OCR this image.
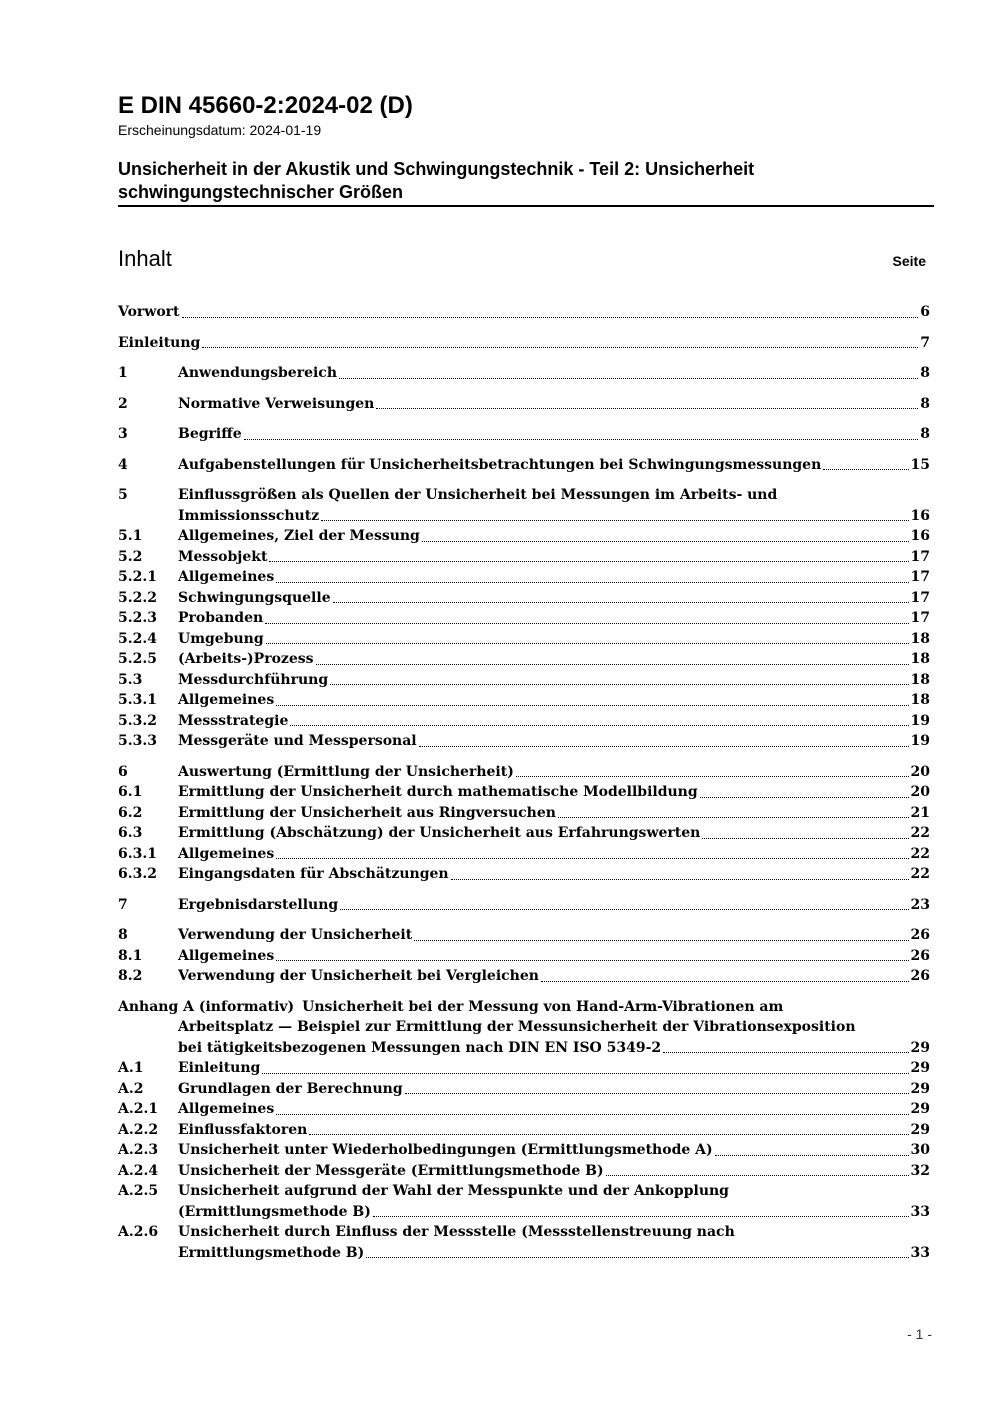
E DIN 45660-2:2024-02 (D)
Erscheinungsdatum: 2024-01-19
Unsicherheit in der Akustik und Schwingungstechnik - Teil 2: Unsicherheit
schwingungstechnischer Größen
Inhalt	Seite
Vorwort	6
Einleitung	7
1	Anwendungsbereich	8
2	Normative Verweisungen	8
3	Begriffe	8
4	Aufgabenstellungen für Unsicherheitsbetrachtungen bei Schwingungsmessungen	15
5	Einflussgrößen als Quellen der Unsicherheit bei Messungen im Arbeits- und
Immissionsschutz	16
5.1	Allgemeines, Ziel der Messung	16
5.2	Messobjekt	17
5.2.1	Allgemeines	17
5.2.2	Schwingungsquelle	17
5.2.3	Probanden	17
5.2.4	Umgebung	18
5.2.5	(Arbeits-)Prozess	18
5.3	Messdurchführung	18
5.3.1	Allgemeines	18
5.3.2	Messstrategie	19
5.3.3	Messgeräte und Messpersonal	19
6	Auswertung (Ermittlung der Unsicherheit)	20
6.1	Ermittlung der Unsicherheit durch mathematische Modellbildung	20
6.2	Ermittlung der Unsicherheit aus Ringversuchen	21
6.3	Ermittlung (Abschätzung) der Unsicherheit aus Erfahrungswerten	22
6.3.1	Allgemeines	22
6.3.2	Eingangsdaten für Abschätzungen	22
7	Ergebnisdarstellung	23
8	Verwendung der Unsicherheit	26
8.1	Allgemeines	26
8.2	Verwendung der Unsicherheit bei Vergleichen	26
Anhang A (informativ) Unsicherheit bei der Messung von Hand-Arm-Vibrationen am
Arbeitsplatz — Beispiel zur Ermittlung der Messunsicherheit der Vibrationsexposition
bei tätigkeitsbezogenen Messungen nach DIN EN ISO 5349-2	29
A.1	Einleitung	29
A.2	Grundlagen der Berechnung	29
A.2.1	Allgemeines	29
A.2.2	Einflussfaktoren	29
A.2.3	Unsicherheit unter Wiederholbedingungen (Ermittlungsmethode A)	30
A.2.4	Unsicherheit der Messgeräte (Ermittlungsmethode B)	32
A.2.5	Unsicherheit aufgrund der Wahl der Messpunkte und der Ankopplung
(Ermittlungsmethode B)	33
A.2.6	Unsicherheit durch Einfluss der Messstelle (Messstellenstreuung nach
Ermittlungsmethode B)	33
- 1 -
